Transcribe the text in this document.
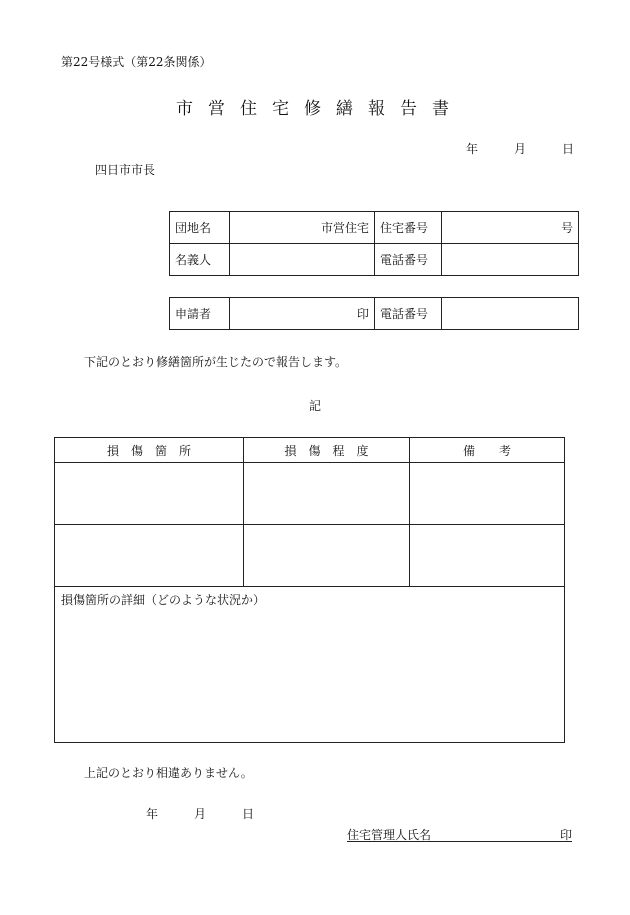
第22号様式（第22条関係）
市営住宅修繕報告書
年	月	日
四日市市長
団地名	市営住宅	住宅番号	号
名義人		電話番号	
申請者	印	電話番号	
下記のとおり修繕箇所が生じたので報告します。
記
損　傷　箇　所	損　傷　程　度	備　　考

損傷箇所の詳細（どのような状況か）		
上記のとおり相違ありません。
年	月	日
住宅管理人氏名	印
